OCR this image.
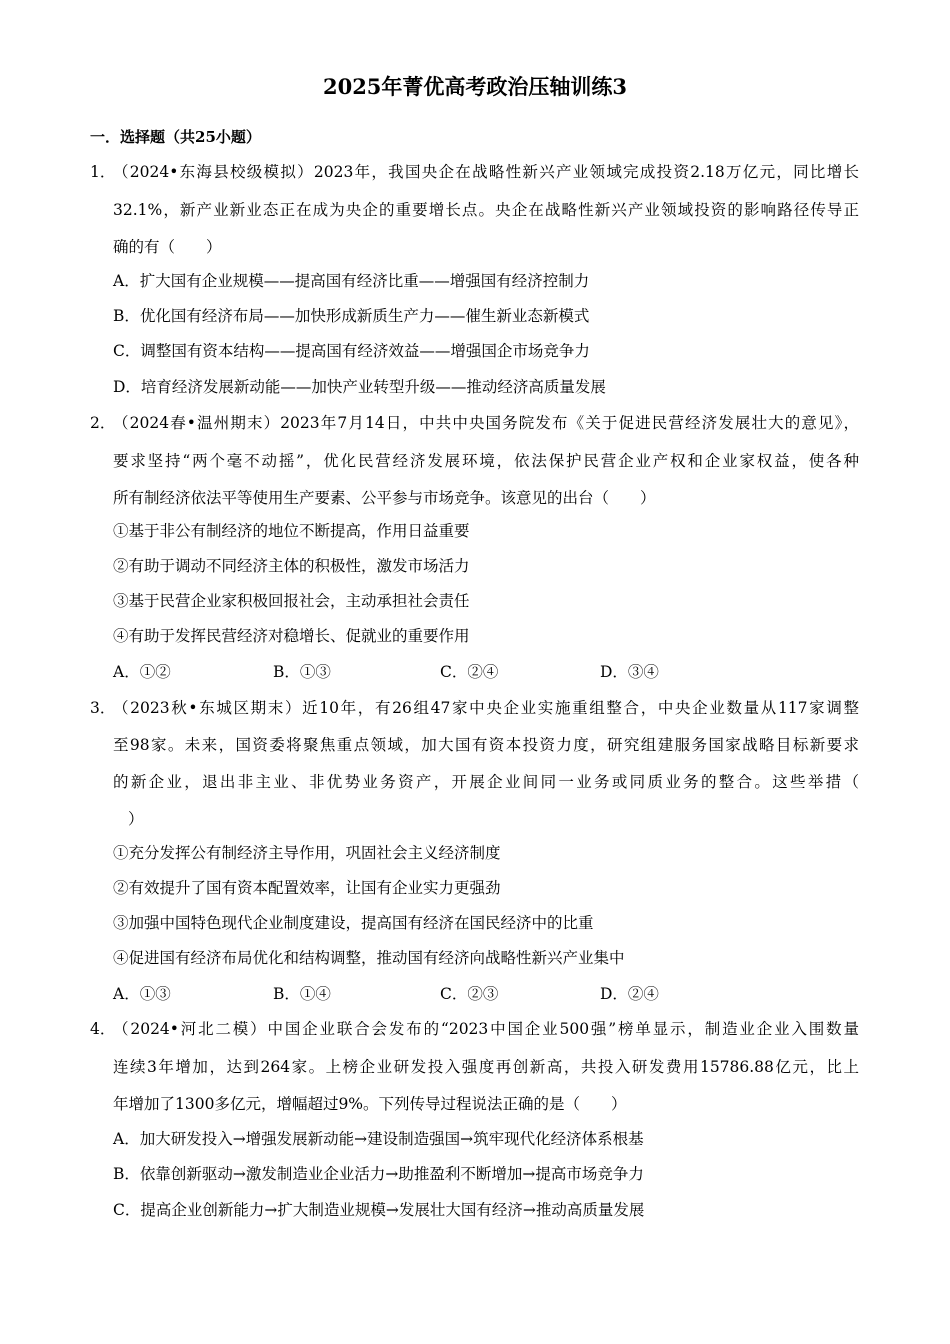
2025年菁优高考政治压轴训练3
一．选择题（共25小题）
1．
（2024•东海县校级模拟）2023年，我国央企在战略性新兴产业领域完成投资2.18万亿元，同比增长
32.1%，新产业新业态正在成为央企的重要增长点。央企在战略性新兴产业领域投资的影响路径传导正
确的有（　　）
A．扩大国有企业规模——提高国有经济比重——增强国有经济控制力
B．优化国有经济布局——加快形成新质生产力——催生新业态新模式
C．调整国有资本结构——提高国有经济效益——增强国企市场竞争力
D．培育经济发展新动能——加快产业转型升级——推动经济高质量发展
2．
（2024春•温州期末）2023年7月14日，中共中央国务院发布《关于促进民营经济发展壮大的意见》，
要求坚持“两个毫不动摇”，优化民营经济发展环境，依法保护民营企业产权和企业家权益，使各种
所有制经济依法平等使用生产要素、公平参与市场竞争。该意见的出台（　　）
①基于非公有制经济的地位不断提高，作用日益重要
②有助于调动不同经济主体的积极性，激发市场活力
③基于民营企业家积极回报社会，主动承担社会责任
④有助于发挥民营经济对稳增长、促就业的重要作用
A．①②	B．①③	C．②④	D．③④
3．
（2023秋•东城区期末）近10年，有26组47家中央企业实施重组整合，中央企业数量从117家调整
至98家。未来，国资委将聚焦重点领域，加大国有资本投资力度，研究组建服务国家战略目标新要求
的新企业，退出非主业、非优势业务资产，开展企业间同一业务或同质业务的整合。这些举措（
）
①充分发挥公有制经济主导作用，巩固社会主义经济制度
②有效提升了国有资本配置效率，让国有企业实力更强劲
③加强中国特色现代企业制度建设，提高国有经济在国民经济中的比重
④促进国有经济布局优化和结构调整，推动国有经济向战略性新兴产业集中
A．①③	B．①④	C．②③	D．②④
4．
（2024•河北二模）中国企业联合会发布的“2023中国企业500强”榜单显示，制造业企业入围数量
连续3年增加，达到264家。上榜企业研发投入强度再创新高，共投入研发费用15786.88亿元，比上
年增加了1300多亿元，增幅超过9%。下列传导过程说法正确的是（　　）
A．加大研发投入→增强发展新动能→建设制造强国→筑牢现代化经济体系根基
B．依靠创新驱动→激发制造业企业活力→助推盈利不断增加→提高市场竞争力
C．提高企业创新能力→扩大制造业规模→发展壮大国有经济→推动高质量发展
